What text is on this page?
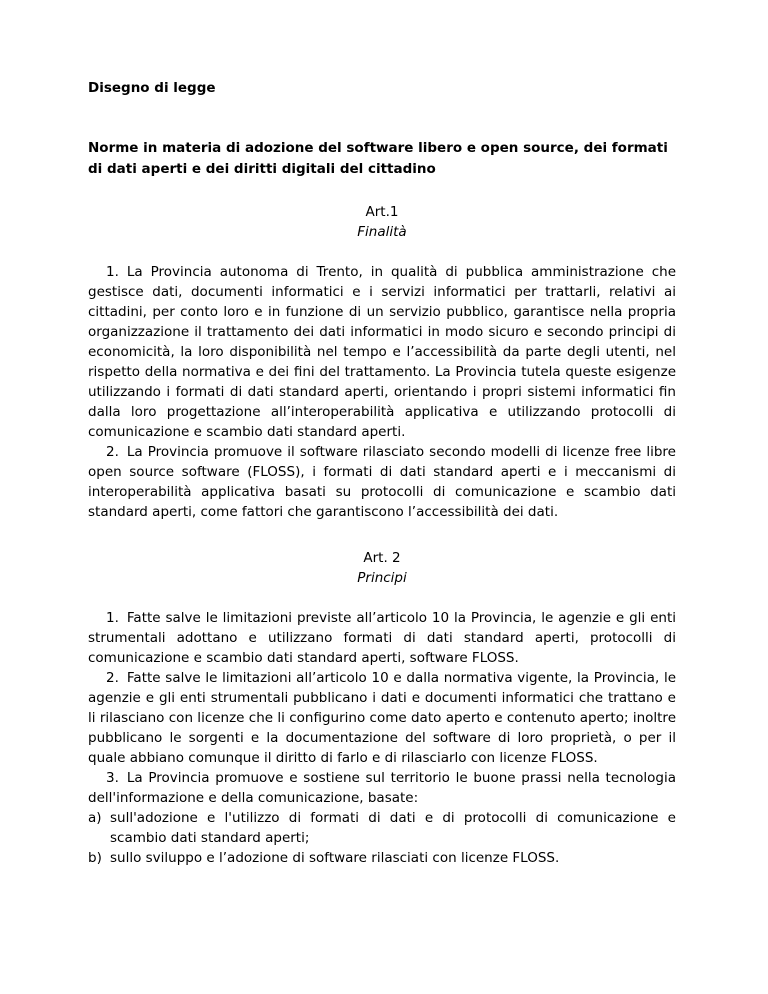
Disegno di legge

Norme in materia di adozione del software libero e open source, dei formati di dati aperti e dei diritti digitali del cittadino

Art.1

Finalità

1. La Provincia autonoma di Trento, in qualità di pubblica amministrazione che gestisce dati, documenti informatici e i servizi informatici per trattarli, relativi ai cittadini, per conto loro e in funzione di un servizio pubblico, garantisce nella propria organizzazione il trattamento dei dati informatici in modo sicuro e secondo principi di economicità, la loro disponibilità nel tempo e l’accessibilità da parte degli utenti, nel rispetto della normativa e dei fini del trattamento. La Provincia tutela queste esigenze utilizzando i formati di dati standard aperti, orientando i propri sistemi informatici fin dalla loro progettazione all’interoperabilità applicativa e utilizzando protocolli di comunicazione e scambio dati standard aperti.

2. La Provincia promuove il software rilasciato secondo modelli di licenze free libre open source software (FLOSS), i formati di dati standard aperti e i meccanismi di interoperabilità applicativa basati su protocolli di comunicazione e scambio dati standard aperti, come fattori che garantiscono l’accessibilità dei dati.

Art. 2

Principi

1. Fatte salve le limitazioni previste all’articolo 10 la Provincia, le agenzie e gli enti strumentali adottano e utilizzano formati di dati standard aperti, protocolli di comunicazione e scambio dati standard aperti, software FLOSS.

2. Fatte salve le limitazioni all’articolo 10 e dalla normativa vigente, la Provincia, le agenzie e gli enti strumentali pubblicano i dati e documenti informatici che trattano e li rilasciano con licenze che li configurino come dato aperto e contenuto aperto; inoltre pubblicano le sorgenti e la documentazione del software di loro proprietà, o per il quale abbiano comunque il diritto di farlo e di rilasciarlo con licenze FLOSS.

3. La Provincia promuove e sostiene sul territorio le buone prassi nella tecnologia dell'informazione e della comunicazione, basate:

a) sull'adozione e l'utilizzo di formati di dati e di protocolli di comunicazione e scambio dati standard aperti;
b) sullo sviluppo e l’adozione di software rilasciati con licenze FLOSS.
